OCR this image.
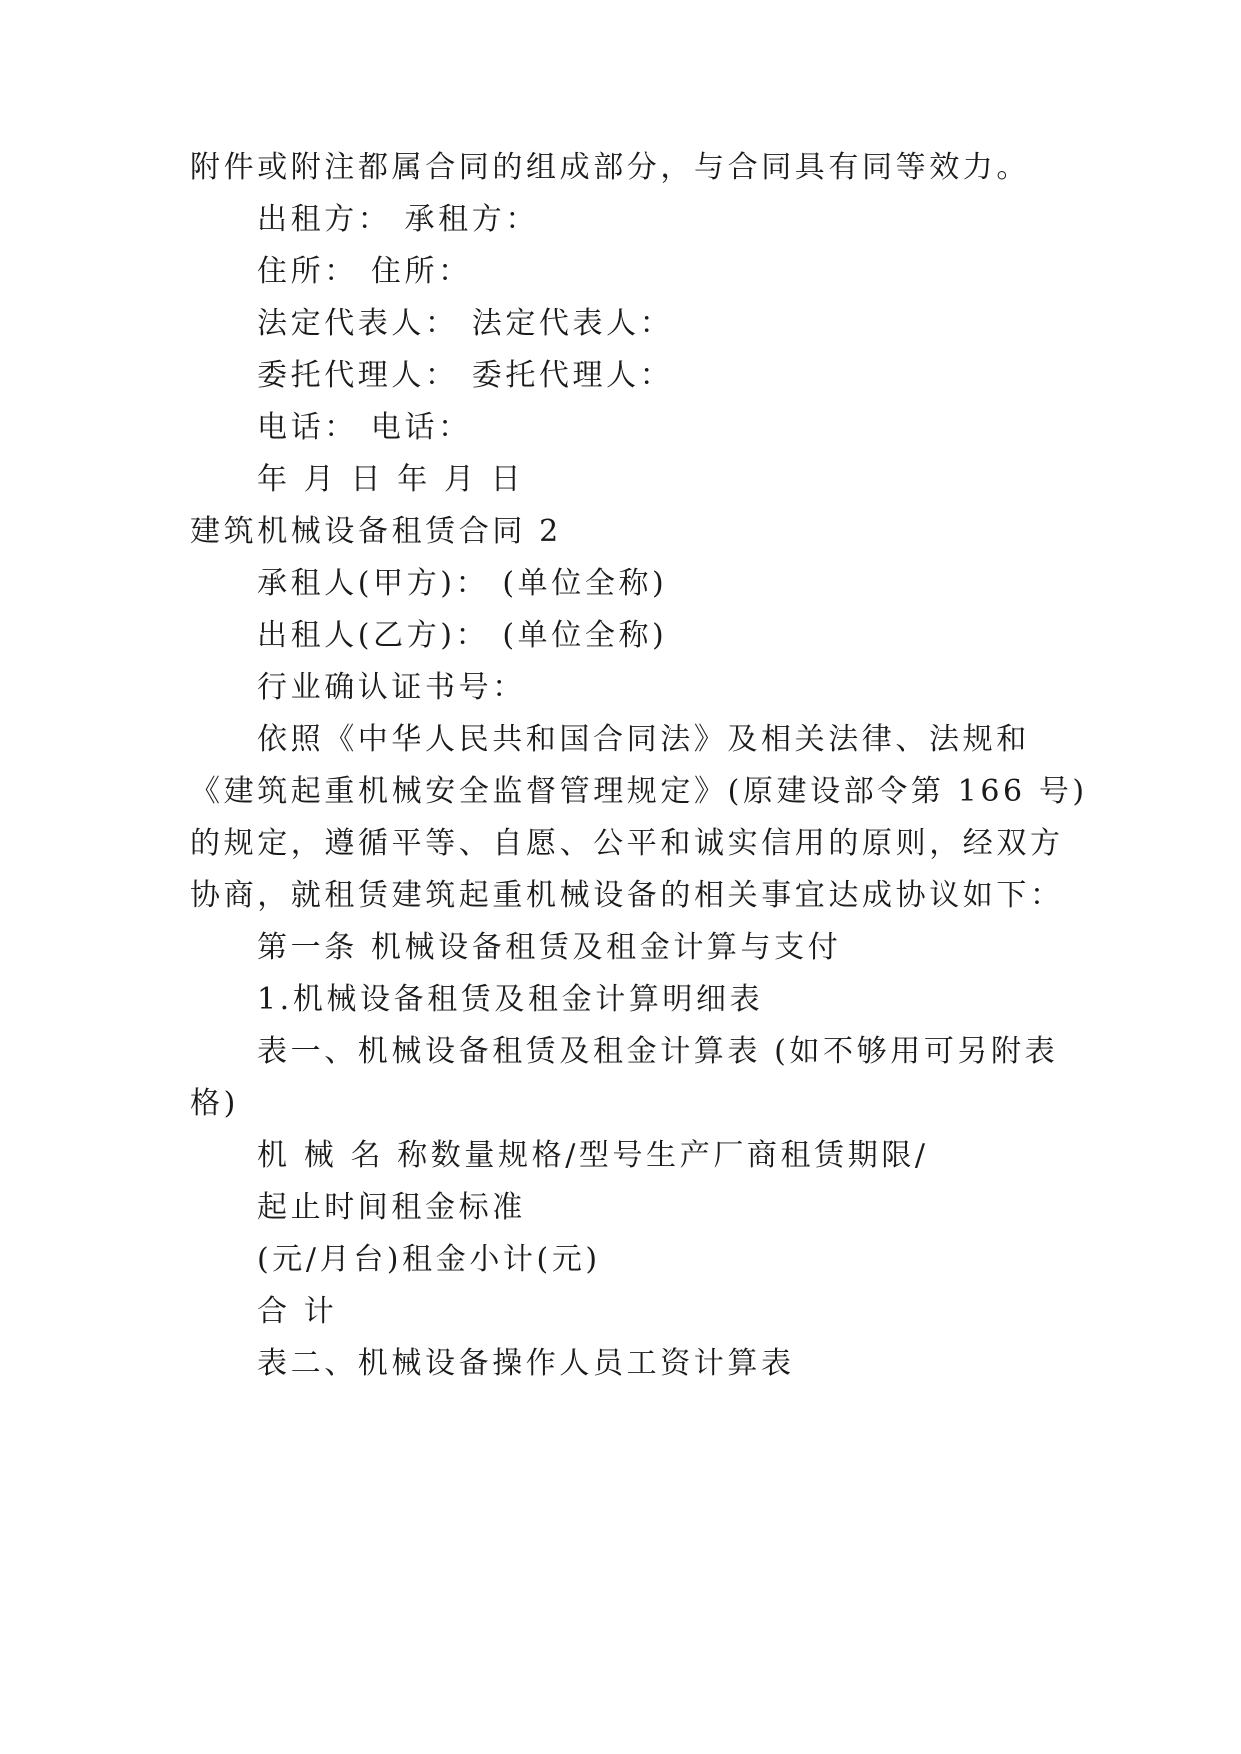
附件或附注都属合同的组成部分，与合同具有同等效力。
出租方： 承租方：
住所： 住所：
法定代表人： 法定代表人：
委托代理人： 委托代理人：
电话： 电话：
年 月 日 年 月 日
建筑机械设备租赁合同 2
承租人(甲方)： (单位全称)
出租人(乙方)： (单位全称)
行业确认证书号：
依照《中华人民共和国合同法》及相关法律、法规和
《建筑起重机械安全监督管理规定》(原建设部令第 166 号)
的规定，遵循平等、自愿、公平和诚实信用的原则，经双方
协商，就租赁建筑起重机械设备的相关事宜达成协议如下：
第一条 机械设备租赁及租金计算与支付
1.机械设备租赁及租金计算明细表
表一、机械设备租赁及租金计算表 (如不够用可另附表
格)
机 械 名 称数量规格/型号生产厂商租赁期限/
起止时间租金标准
(元/月台)租金小计(元)
合 计
表二、机械设备操作人员工资计算表
